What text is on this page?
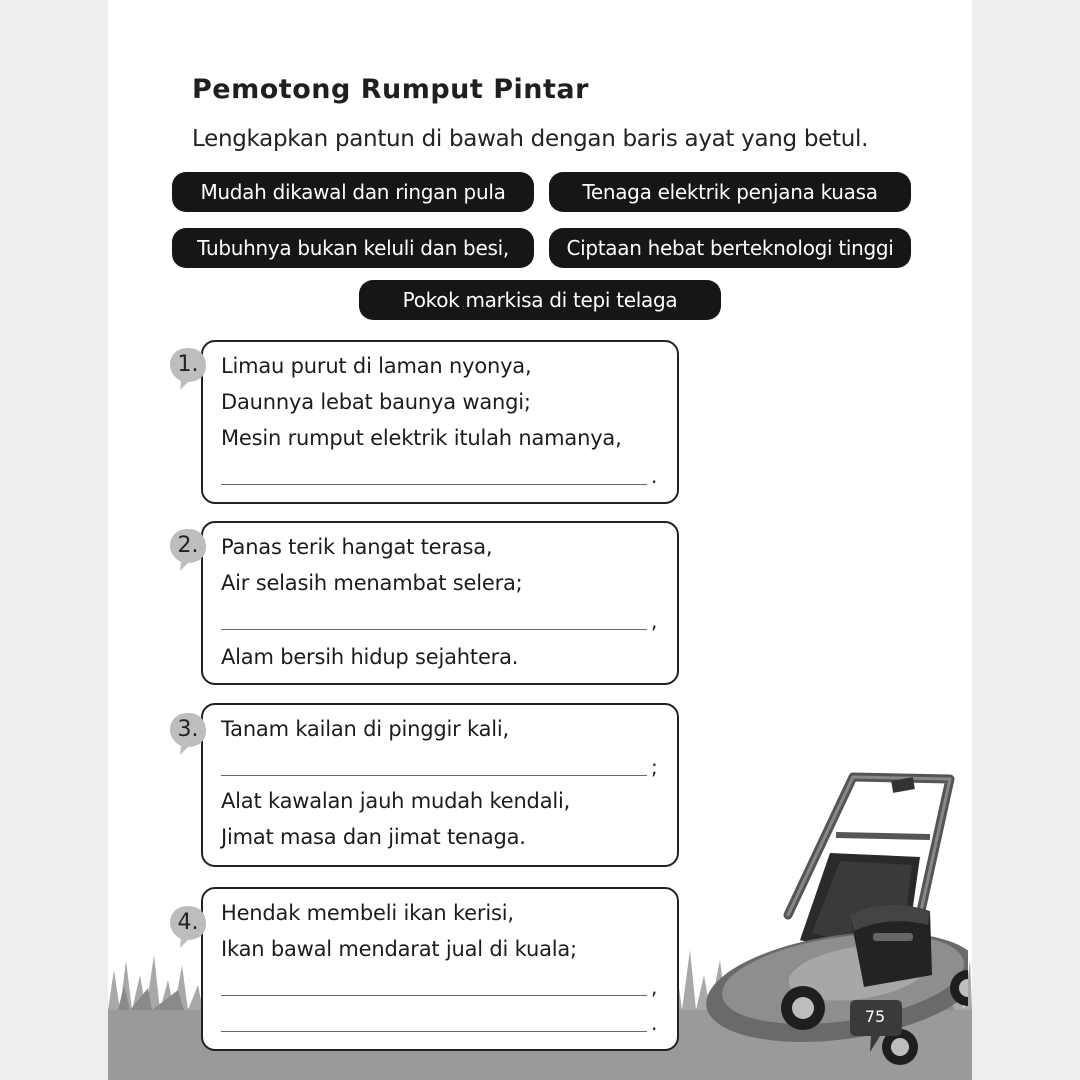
Pemotong Rumput Pintar
Lengkapkan pantun di bawah dengan baris ayat yang betul.
Mudah dikawal dan ringan pula	Tenaga elektrik penjana kuasa
Tubuhnya bukan keluli dan besi,	Ciptaan hebat berteknologi tinggi
Pokok markisa di tepi telaga
Limau purut di laman nyonya,
Daunnya lebat baunya wangi;
Mesin rumput elektrik itulah namanya,
.
1.
Panas terik hangat terasa,
Air selasih menambat selera;
,
Alam bersih hidup sejahtera.
2.
Tanam kailan di pinggir kali,
;
Alat kawalan jauh mudah kendali,
Jimat masa dan jimat tenaga.
3.
Hendak membeli ikan kerisi,
Ikan bawal mendarat jual di kuala;
,
.
4.
75
